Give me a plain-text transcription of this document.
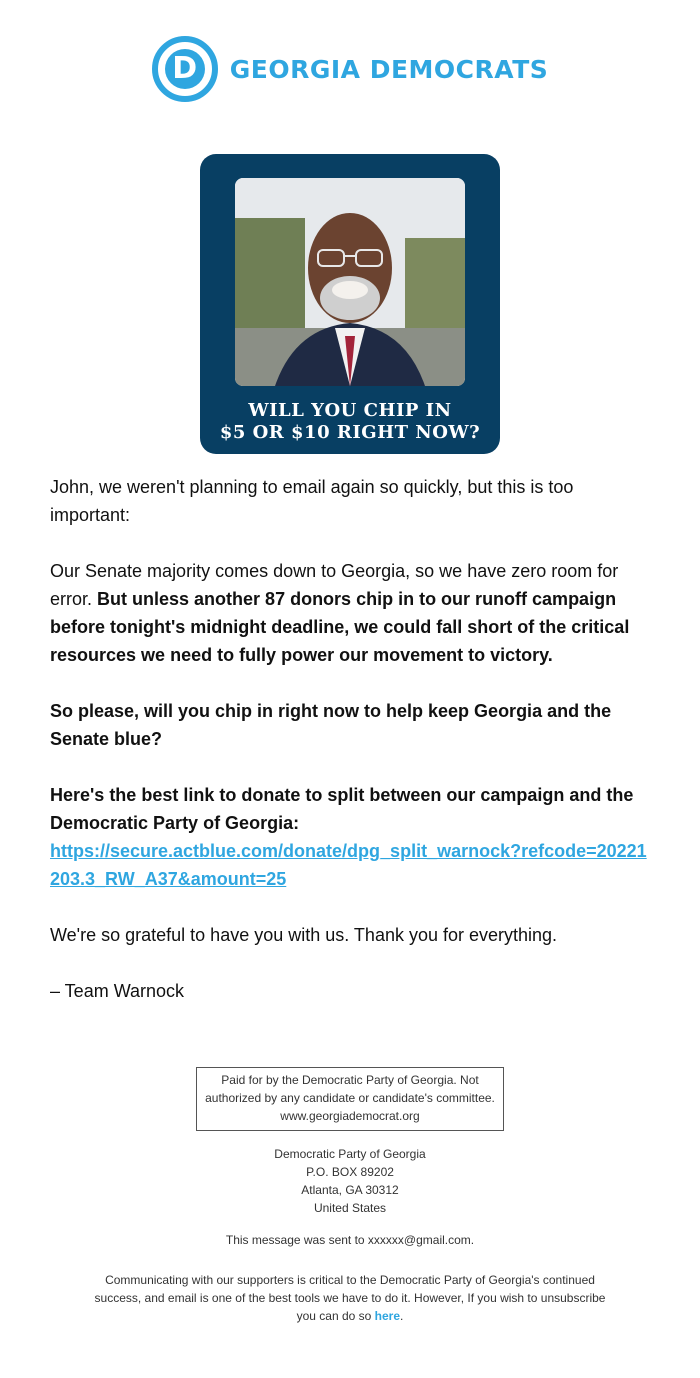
D	GEORGIA DEMOCRATS
WILL YOU CHIP IN
$5 OR $10 RIGHT NOW?

John, we weren't planning to email again so quickly, but this is too important:

Our Senate majority comes down to Georgia, so we have zero room for error. But unless another 87 donors chip in to our runoff campaign before tonight's midnight deadline, we could fall short of the critical resources we need to fully power our movement to victory.

So please, will you chip in right now to help keep Georgia and the Senate blue?

Here's the best link to donate to split between our campaign and the Democratic Party of Georgia:
https://secure.actblue.com/donate/dpg_split_warnock?refcode=20221203.3_RW_A37&amount=25

We're so grateful to have you with us. Thank you for everything.

– Team Warnock

Paid for by the Democratic Party of Georgia. Not
authorized by any candidate or candidate's committee.
www.georgiademocrat.org
Democratic Party of Georgia
P.O. BOX 89202
Atlanta, GA 30312
United States
This message was sent to xxxxxx@gmail.com.
Communicating with our supporters is critical to the Democratic Party of Georgia's continued success, and email is one of the best tools we have to do it. However, If you wish to unsubscribe you can do so here.
